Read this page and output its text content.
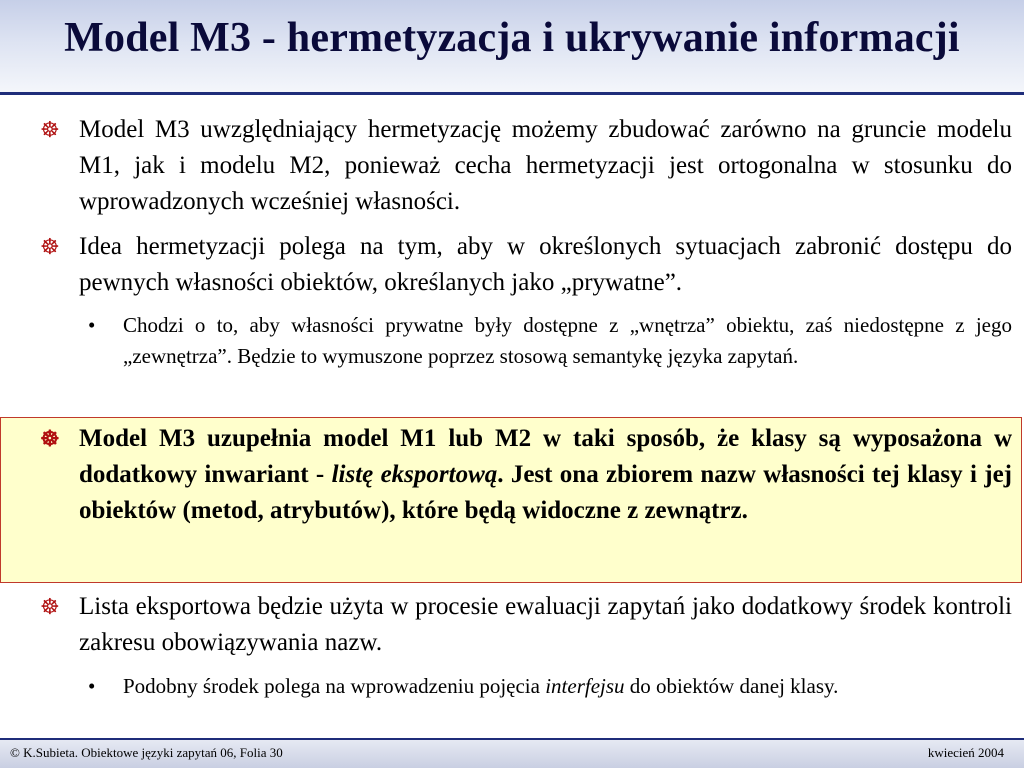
Model M3 - hermetyzacja i ukrywanie informacji
☸ Model M3 uwzględniający hermetyzację możemy zbudować zarówno na gruncie modelu M1, jak i modelu M2, ponieważ cecha hermetyzacji jest ortogonalna w stosunku do wprowadzonych wcześniej własności.
☸ Idea hermetyzacji polega na tym, aby w określonych sytuacjach zabronić dostępu do pewnych własności obiektów, określanych jako „prywatne”.
• Chodzi o to, aby własności prywatne były dostępne z „wnętrza” obiektu, zaś niedostępne z jego „zewnętrza”. Będzie to wymuszone poprzez stosową semantykę języka zapytań.
☸ Model M3 uzupełnia model M1 lub M2 w taki sposób, że klasy są wyposażona w dodatkowy inwariant - listę eksportową. Jest ona zbiorem nazw własności tej klasy i jej obiektów (metod, atrybutów), które będą widoczne z zewnątrz.
☸ Lista eksportowa będzie użyta w procesie ewaluacji zapytań jako dodatkowy środek kontroli zakresu obowiązywania nazw.
• Podobny środek polega na wprowadzeniu pojęcia interfejsu do obiektów danej klasy.
© K.Subieta. Obiektowe języki zapytań 06, Folia 30	kwiecień 2004
